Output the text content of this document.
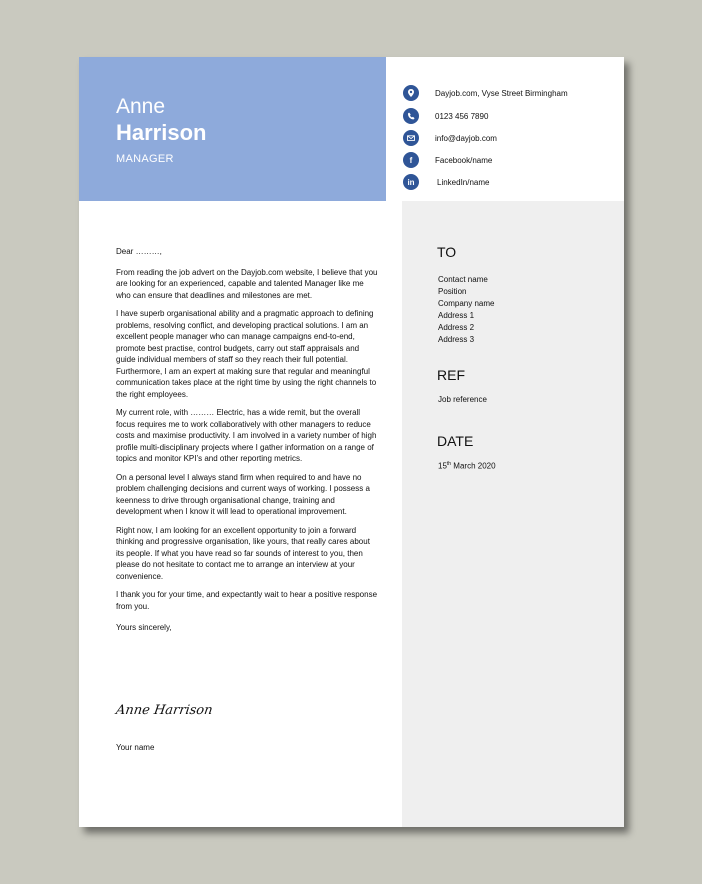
Anne
Harrison
MANAGER
Dayjob.com, Vyse Street Birmingham
0123 456 7890
info@dayjob.com
f	Facebook/name
in	LinkedIn/name
TO
Contact name
Position
Company name
Address 1
Address 2
Address 3
REF
Job reference
DATE
15th March 2020

Dear ………,

From reading the job advert on the Dayjob.com website, I believe that you are looking for an experienced, capable and talented Manager like me who can ensure that deadlines and milestones are met.

I have superb organisational ability and a pragmatic approach to defining problems, resolving conflict, and developing practical solutions. I am an excellent people manager who can manage campaigns end-to-end, promote best practise, control budgets, carry out staff appraisals and guide individual members of staff so they reach their full potential. Furthermore, I am an expert at making sure that regular and meaningful communication takes place at the right time by using the right channels to the right employees.

My current role, with ……… Electric, has a wide remit, but the overall focus requires me to work collaboratively with other managers to reduce costs and maximise productivity. I am involved in a variety number of high profile multi-disciplinary projects where I gather information on a range of topics and monitor KPI’s and other reporting metrics.

On a personal level I always stand firm when required to and have no problem challenging decisions and current ways of working. I possess a keenness to drive through organisational change, training and development when I know it will lead to operational improvement.

Right now, I am looking for an excellent opportunity to join a forward thinking and progressive organisation, like yours, that really cares about its people. If what you have read so far sounds of interest to you, then please do not hesitate to contact me to arrange an interview at your convenience.

I thank you for your time, and expectantly wait to hear a positive response from you.

Yours sincerely,

Anne Harrison
Your name
